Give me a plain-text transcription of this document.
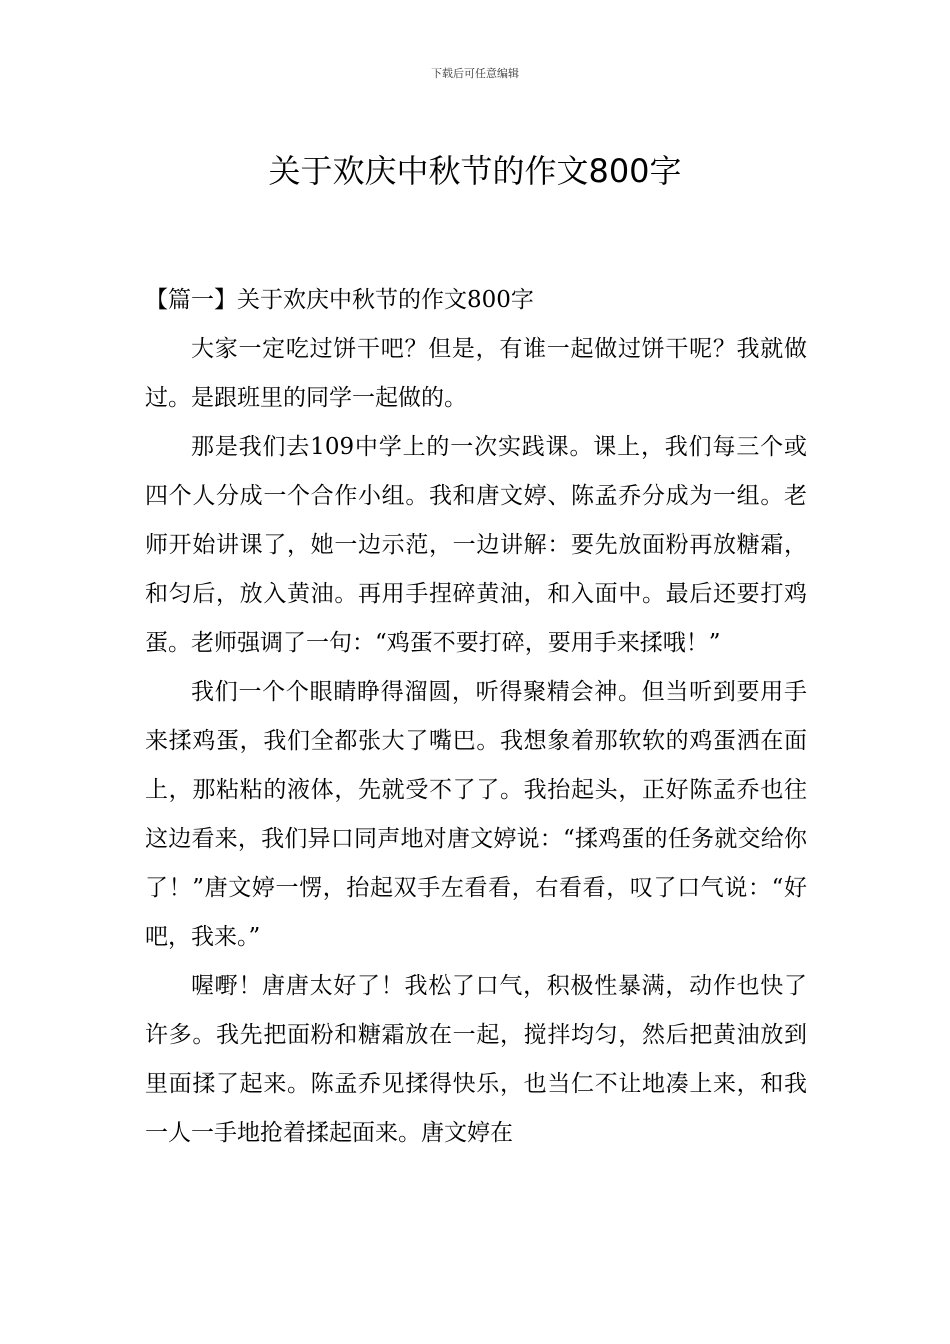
下载后可任意编辑
关于欢庆中秋节的作文800字

【篇一】关于欢庆中秋节的作文800字

大家一定吃过饼干吧？但是，有谁一起做过饼干呢？我就做过。是跟班里的同学一起做的。

那是我们去109中学上的一次实践课。课上，我们每三个或四个人分成一个合作小组。我和唐文婷、陈孟乔分成为一组。老师开始讲课了，她一边示范，一边讲解：要先放面粉再放糖霜，和匀后，放入黄油。再用手捏碎黄油，和入面中。最后还要打鸡蛋。老师强调了一句：“鸡蛋不要打碎，要用手来揉哦！”

我们一个个眼睛睁得溜圆，听得聚精会神。但当听到要用手来揉鸡蛋，我们全都张大了嘴巴。我想象着那软软的鸡蛋洒在面上，那粘粘的液体，先就受不了了。我抬起头，正好陈孟乔也往这边看来，我们异口同声地对唐文婷说：“揉鸡蛋的任务就交给你了！”唐文婷一愣，抬起双手左看看，右看看，叹了口气说：“好吧，我来。”

喔嘢！唐唐太好了！我松了口气，积极性暴满，动作也快了许多。我先把面粉和糖霜放在一起，搅拌均匀，然后把黄油放到里面揉了起来。陈孟乔见揉得快乐，也当仁不让地凑上来，和我一人一手地抢着揉起面来。唐文婷在
